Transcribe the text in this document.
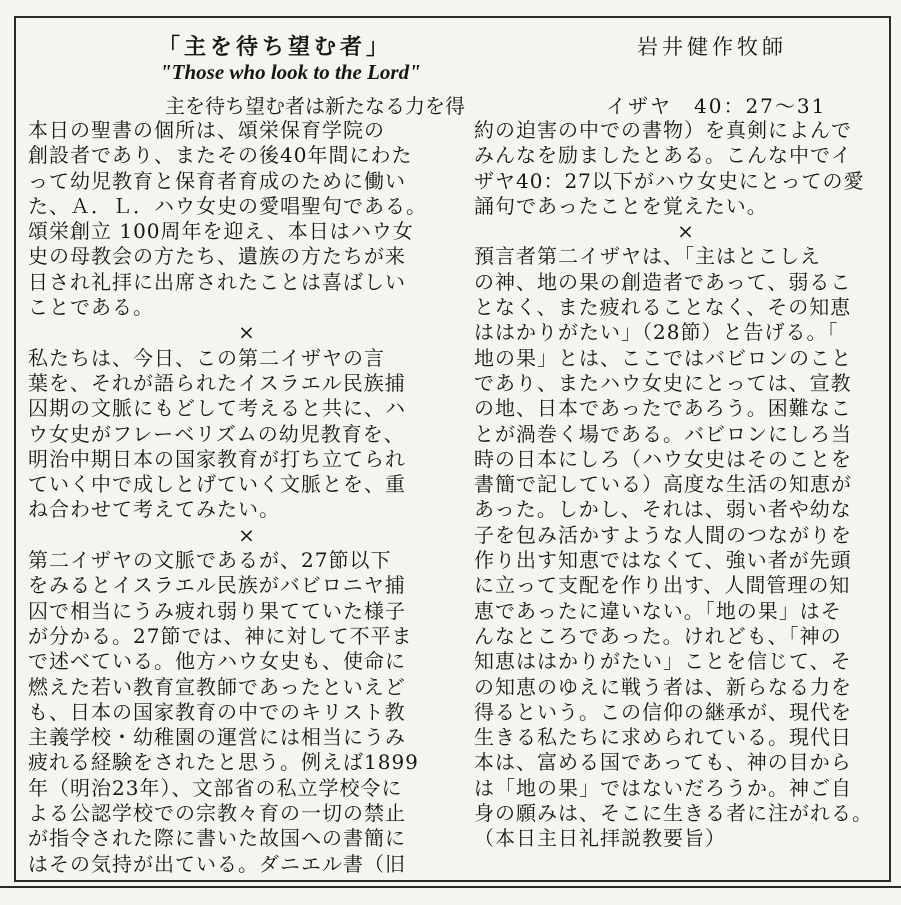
「主を待ち望む者」	岩井健作牧師
"Those who look to the Lord"
主を待ち望む者は新たなる力を得	イザヤ　40：27〜31
本日の聖書の個所は、頌栄保育学院の
創設者であり、またその後40年間にわた
って幼児教育と保育者育成のために働い
た、Ａ．Ｌ．ハウ女史の愛唱聖句である。
頌栄創立 100周年を迎え、本日はハウ女
史の母教会の方たち、遺族の方たちが来
日され礼拝に出席されたことは喜ばしい
ことである。
×
私たちは、今日、この第二イザヤの言
葉を、それが語られたイスラエル民族捕
囚期の文脈にもどして考えると共に、ハ
ウ女史がフレーベリズムの幼児教育を、
明治中期日本の国家教育が打ち立てられ
ていく中で成しとげていく文脈とを、重
ね合わせて考えてみたい。
×
第二イザヤの文脈であるが、27節以下
をみるとイスラエル民族がバビロニヤ捕
囚で相当にうみ疲れ弱り果てていた様子
が分かる。27節では、神に対して不平ま
で述べている。他方ハウ女史も、使命に
燃えた若い教育宣教師であったといえど
も、日本の国家教育の中でのキリスト教
主義学校・幼稚園の運営には相当にうみ
疲れる経験をされたと思う。例えば1899
年（明治23年）、文部省の私立学校令に
よる公認学校での宗教々育の一切の禁止
が指令された際に書いた故国への書簡に
はその気持が出ている。ダニエル書（旧
約の迫害の中での書物）を真剣によんで
みんなを励ましたとある。こんな中でイ
ザヤ40：27以下がハウ女史にとっての愛
誦句であったことを覚えたい。
×
預言者第二イザヤは、「主はとこしえ
の神、地の果の創造者であって、弱るこ
となく、また疲れることなく、その知恵
ははかりがたい」（28節）と告げる。「
地の果」とは、ここではバビロンのこと
であり、またハウ女史にとっては、宣教
の地、日本であったであろう。困難なこ
とが渦巻く場である。バビロンにしろ当
時の日本にしろ（ハウ女史はそのことを
書簡で記している）高度な生活の知恵が
あった。しかし、それは、弱い者や幼な
子を包み活かすような人間のつながりを
作り出す知恵ではなくて、強い者が先頭
に立って支配を作り出す、人間管理の知
恵であったに違いない。「地の果」はそ
んなところであった。けれども、「神の
知恵ははかりがたい」ことを信じて、そ
の知恵のゆえに戦う者は、新らなる力を
得るという。この信仰の継承が、現代を
生きる私たちに求められている。現代日
本は、富める国であっても、神の目から
は「地の果」ではないだろうか。神ご自
身の願みは、そこに生きる者に注がれる。
（本日主日礼拝説教要旨）
